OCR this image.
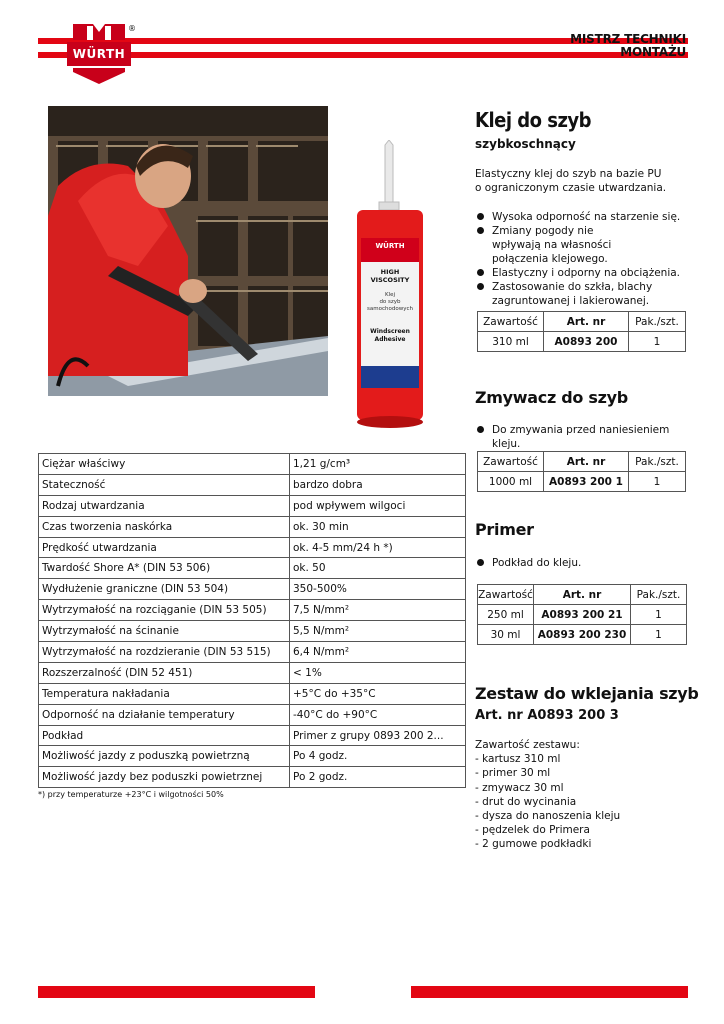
WÜRTH
®
MISTRZ TECHNIKI
MONTAŻU
WÜRTH
HIGH
VISCOSITY
Klej
do szyb
samochodowych
Windscreen
Adhesive
Klej do szyb
szybkoschnący
Elastyczny klej do szyb na bazie PU
o ograniczonym czasie utwardzania.
Wysoka odporność na starzenie się.
Zmiany pogody nie wpływają na własności połączenia klejowego.
Elastyczny i odporny na obciążenia.
Zastosowanie do szkła, blachy zagruntowanej i lakierowanej.
Zawartość	Art. nr	Pak./szt.
310 ml	A0893 200	1
Zmywacz do szyb
Do zmywania przed naniesieniem kleju.
Zawartość	Art. nr	Pak./szt.
1000 ml	A0893 200 1	1
Primer
Podkład do kleju.
Zawartość	Art. nr	Pak./szt.
250 ml	A0893 200 21	1
30 ml	A0893 200 230	1
Zestaw do wklejania szyb
Art. nr A0893 200 3
Zawartość zestawu:
- kartusz 310 ml
- primer 30 ml
- zmywacz 30 ml
- drut do wycinania
- dysza do nanoszenia kleju
- pędzelek do Primera
- 2 gumowe podkładki
Ciężar właściwy	1,21 g/cm³
Stateczność	bardzo dobra
Rodzaj utwardzania	pod wpływem wilgoci
Czas tworzenia naskórka	ok. 30 min
Prędkość utwardzania	ok. 4-5 mm/24 h *)
Twardość Shore A* (DIN 53 506)	ok. 50
Wydłużenie graniczne (DIN 53 504)	350-500%
Wytrzymałość na rozciąganie (DIN 53 505)	7,5 N/mm²
Wytrzymałość na ścinanie	5,5 N/mm²
Wytrzymałość na rozdzieranie (DIN 53 515)	6,4 N/mm²
Rozszerzalność (DIN 52 451)	< 1%
Temperatura nakładania	+5°C do +35°C
Odporność na działanie temperatury	-40°C do +90°C
Podkład	Primer z grupy 0893 200 2...
Możliwość jazdy z poduszką powietrzną	Po 4 godz.
Możliwość jazdy bez poduszki powietrznej	Po 2 godz.
*) przy temperaturze +23°C i wilgotności 50%
